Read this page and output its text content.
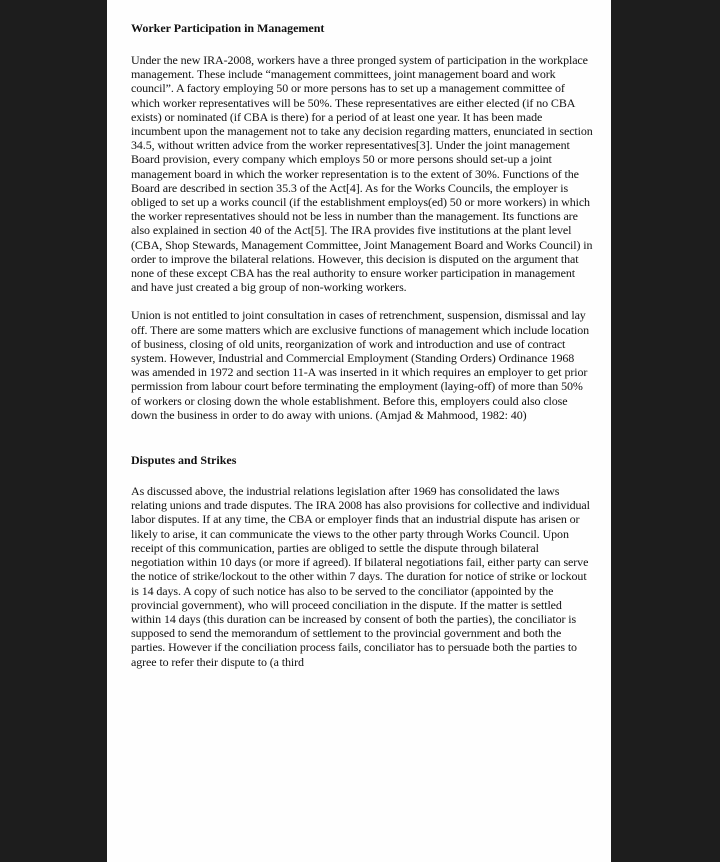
Worker Participation in Management

Under the new IRA-2008, workers have a three pronged system of participation in the workplace management. These include “management committees, joint management board and work council”. A factory employing 50 or more persons has to set up a management committee of which worker representatives will be 50%. These representatives are either elected (if no CBA exists) or nominated (if CBA is there) for a period of at least one year. It has been made incumbent upon the management not to take any decision regarding matters, enunciated in section 34.5, without written advice from the worker representatives[3]. Under the joint management Board provision, every company which employs 50 or more persons should set-up a joint management board in which the worker representation is to the extent of 30%. Functions of the Board are described in section 35.3 of the Act[4]. As for the Works Councils, the employer is obliged to set up a works council (if the establishment employs(ed) 50 or more workers) in which the worker representatives should not be less in number than the management. Its functions are also explained in section 40 of the Act[5]. The IRA provides five institutions at the plant level (CBA, Shop Stewards, Management Committee, Joint Management Board and Works Council) in order to improve the bilateral relations. However, this decision is disputed on the argument that none of these except CBA has the real authority to ensure worker participation in management and have just created a big group of non-working workers.

Union is not entitled to joint consultation in cases of retrenchment, suspension, dismissal and lay off. There are some matters which are exclusive functions of management which include location of business, closing of old units, reorganization of work and introduction and use of contract system. However, Industrial and Commercial Employment (Standing Orders) Ordinance 1968 was amended in 1972 and section 11-A was inserted in it which requires an employer to get prior permission from labour court before terminating the employment (laying-off) of more than 50% of workers or closing down the whole establishment. Before this, employers could also close down the business in order to do away with unions. (Amjad & Mahmood, 1982: 40)

Disputes and Strikes

As discussed above, the industrial relations legislation after 1969 has consolidated the laws relating unions and trade disputes. The IRA 2008 has also provisions for collective and individual labor disputes. If at any time, the CBA or employer finds that an industrial dispute has arisen or likely to arise, it can communicate the views to the other party through Works Council. Upon receipt of this communication, parties are obliged to settle the dispute through bilateral negotiation within 10 days (or more if agreed). If bilateral negotiations fail, either party can serve the notice of strike/lockout to the other within 7 days. The duration for notice of strike or lockout is 14 days. A copy of such notice has also to be served to the conciliator (appointed by the provincial government), who will proceed conciliation in the dispute. If the matter is settled within 14 days (this duration can be increased by consent of both the parties), the conciliator is supposed to send the memorandum of settlement to the provincial government and both the parties. However if the conciliation process fails, conciliator has to persuade both the parties to agree to refer their dispute to (a third
